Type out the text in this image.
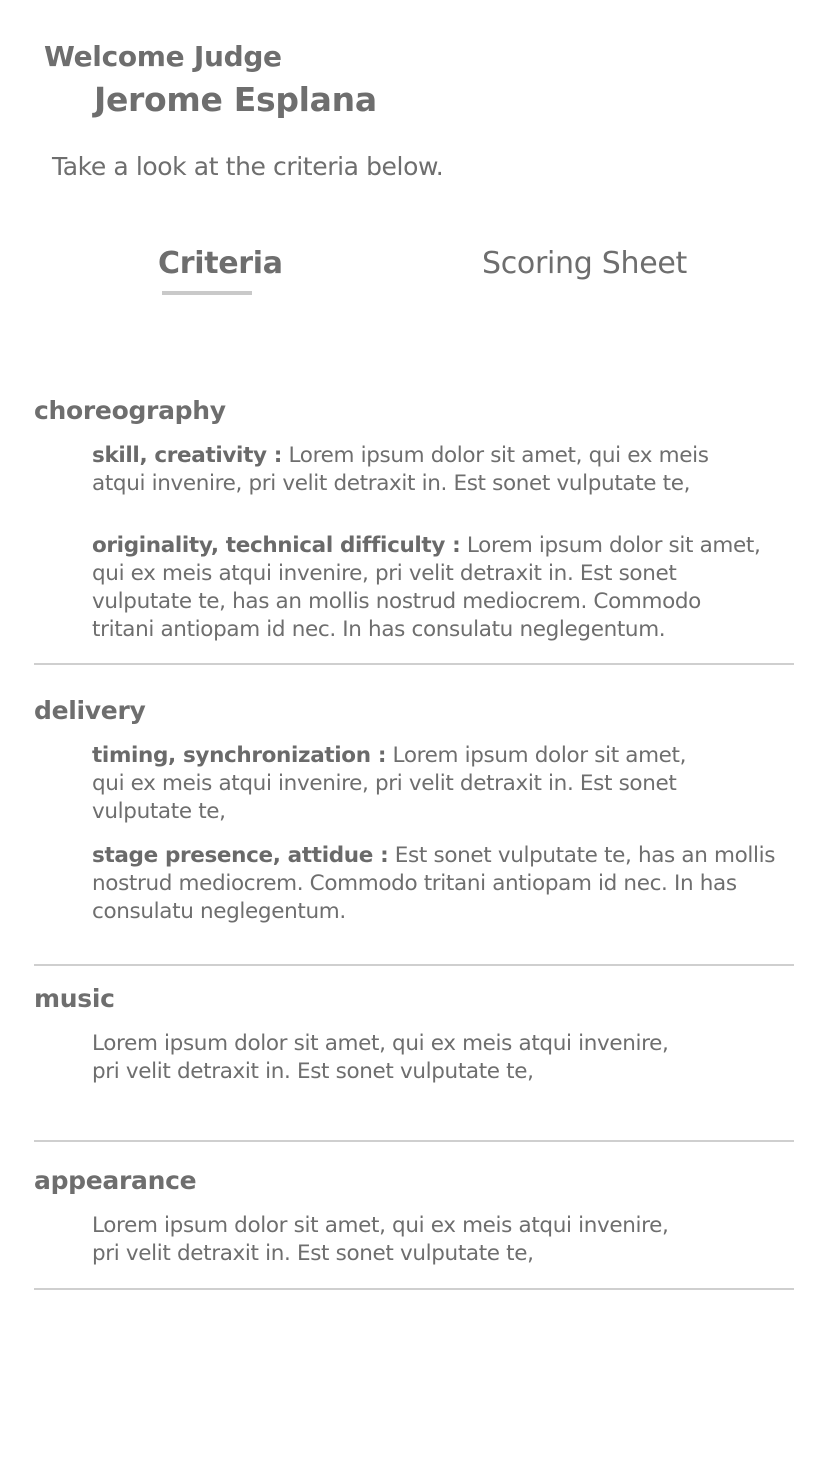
Welcome Judge
Jerome Esplana
Take a look at the criteria below.
Criteria	Scoring Sheet
choreography
skill, creativity : Lorem ipsum dolor sit amet, qui ex meis
atqui invenire, pri velit detraxit in. Est sonet vulputate te,
originality, technical difficulty : Lorem ipsum dolor sit amet,
qui ex meis atqui invenire, pri velit detraxit in. Est sonet
vulputate te, has an mollis nostrud mediocrem. Commodo
tritani antiopam id nec. In has consulatu neglegentum.
delivery
timing, synchronization : Lorem ipsum dolor sit amet,
qui ex meis atqui invenire, pri velit detraxit in. Est sonet
vulputate te,
stage presence, attidue : Est sonet vulputate te, has an mollis
nostrud mediocrem. Commodo tritani antiopam id nec. In has
consulatu neglegentum.
music
Lorem ipsum dolor sit amet, qui ex meis atqui invenire,
pri velit detraxit in. Est sonet vulputate te,
appearance
Lorem ipsum dolor sit amet, qui ex meis atqui invenire,
pri velit detraxit in. Est sonet vulputate te,
